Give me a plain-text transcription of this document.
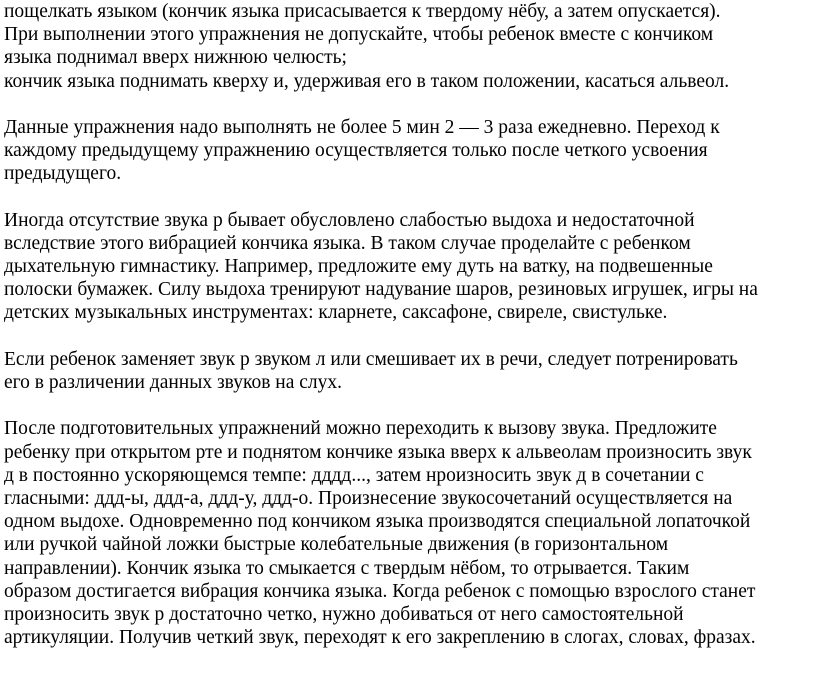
пощелкать языком (кончик языка присасывается к твердому нёбу, а затем опускается).
При выполнении этого упражнения не допускайте, чтобы ребенок вместе с кончиком
языка поднимал вверх нижнюю челюсть;
кончик языка поднимать кверху и, удерживая его в таком положении, касаться альвеол.
Данные упражнения надо выполнять не более 5 мин 2 — 3 раза ежедневно. Переход к
каждому предыдущему упражнению осуществляется только после четкого усвоения
предыдущего.
Иногда отсутствие звука р бывает обусловлено слабостью выдоха и недостаточной
вследствие этого вибрацией кончика языка. В таком случае проделайте с ребенком
дыхательную гимнастику. Например, предложите ему дуть на ватку, на подвешенные
полоски бумажек. Силу выдоха тренируют надувание шаров, резиновых игрушек, игры на
детских музыкальных инструментах: кларнете, саксафоне, свиреле, свистульке.
Если ребенок заменяет звук р звуком л или смешивает их в речи, следует потренировать
его в различении данных звуков на слух.
После подготовительных упражнений можно переходить к вызову звука. Предложите
ребенку при открытом рте и поднятом кончике языка вверх к альвеолам произносить звук
д в постоянно ускоряющемся темпе: дддд..., затем нроизносить звук д в сочетании с
гласными: ддд-ы, ддд-а, ддд-у, ддд-о. Произнесение звукосочетаний осуществляется на
одном выдохе. Одновременно под кончиком языка производятся специальной лопаточкой
или ручкой чайной ложки быстрые колебательные движения (в горизонтальном
направлении). Кончик языка то смыкается с твердым нёбом, то отрывается. Таким
образом достигается вибрация кончика языка. Когда ребенок с помощью взрослого станет
произносить звук р достаточно четко, нужно добиваться от него самостоятельной
артикуляции. Получив четкий звук, переходят к его закреплению в слогах, словах, фразах.
